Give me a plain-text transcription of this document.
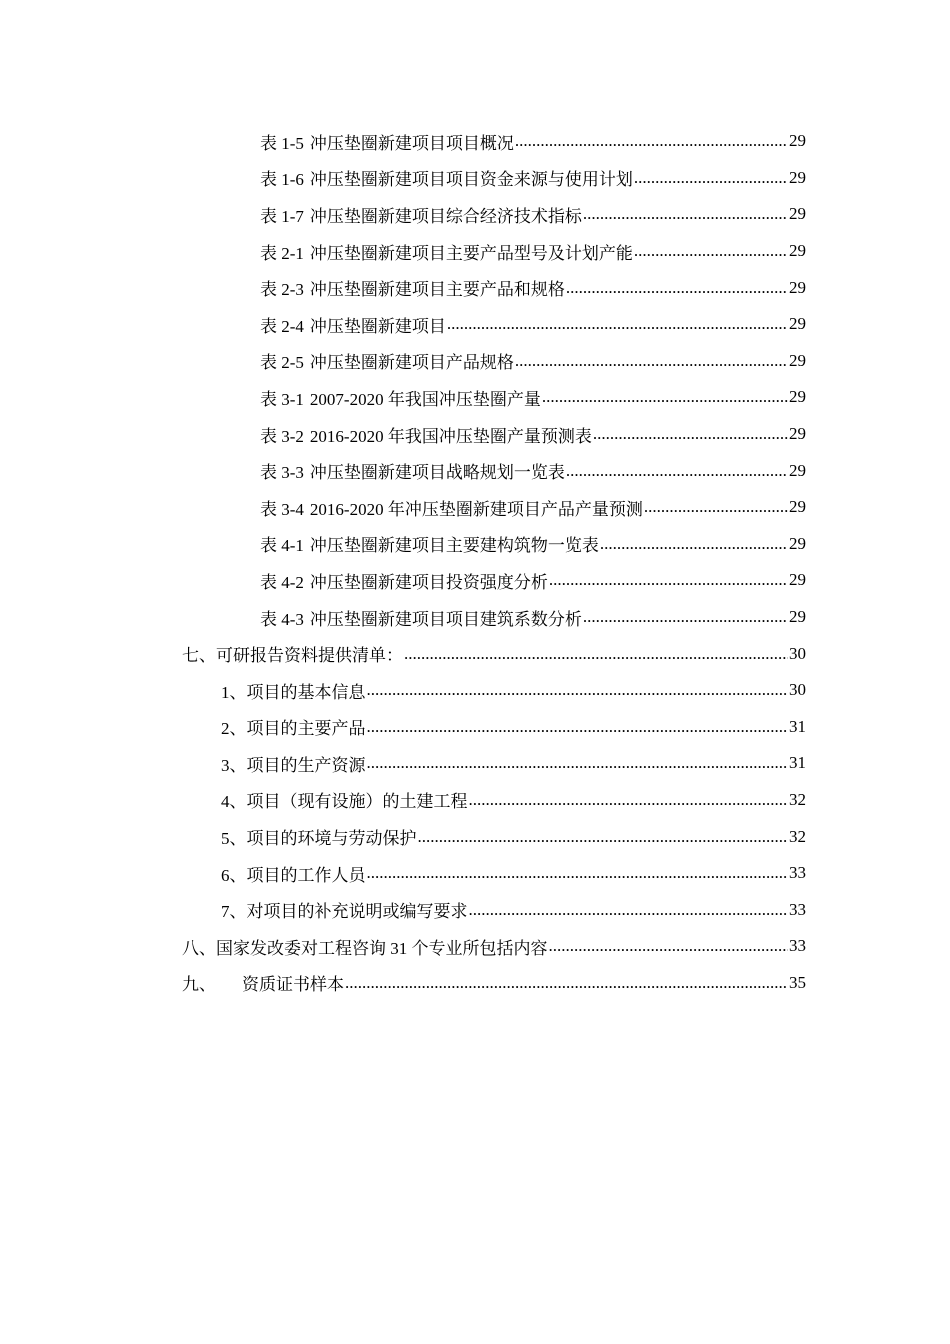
表 1-5 冲压垫圈新建项目项目概况 .....	29
表 1-6 冲压垫圈新建项目项目资金来源与使用计划 .....	29
表 1-7 冲压垫圈新建项目综合经济技术指标 .....	29
表 2-1 冲压垫圈新建项目主要产品型号及计划产能 .....	29
表 2-3 冲压垫圈新建项目主要产品和规格 .....	29
表 2-4 冲压垫圈新建项目 .....	29
表 2-5 冲压垫圈新建项目产品规格 .....	29
表 3-1 2007-2020 年我国冲压垫圈产量 .....	29
表 3-2 2016-2020 年我国冲压垫圈产量预测表 .....	29
表 3-3 冲压垫圈新建项目战略规划一览表 .....	29
表 3-4 2016-2020 年冲压垫圈新建项目产品产量预测 .....	29
表 4-1 冲压垫圈新建项目主要建构筑物一览表 .....	29
表 4-2 冲压垫圈新建项目投资强度分析 .....	29
表 4-3 冲压垫圈新建项目项目建筑系数分析 .....	29
七、可研报告资料提供清单： .....	30
1、项目的基本信息 .....	30
2、项目的主要产品 .....	31
3、项目的生产资源 .....	31
4、项目（现有设施）的土建工程 .....	32
5、项目的环境与劳动保护 .....	32
6、项目的工作人员 .....	33
7、对项目的补充说明或编写要求 .....	33
八、国家发改委对工程咨询 31 个专业所包括内容 .....	33
九、 资质证书样本 .....	35
